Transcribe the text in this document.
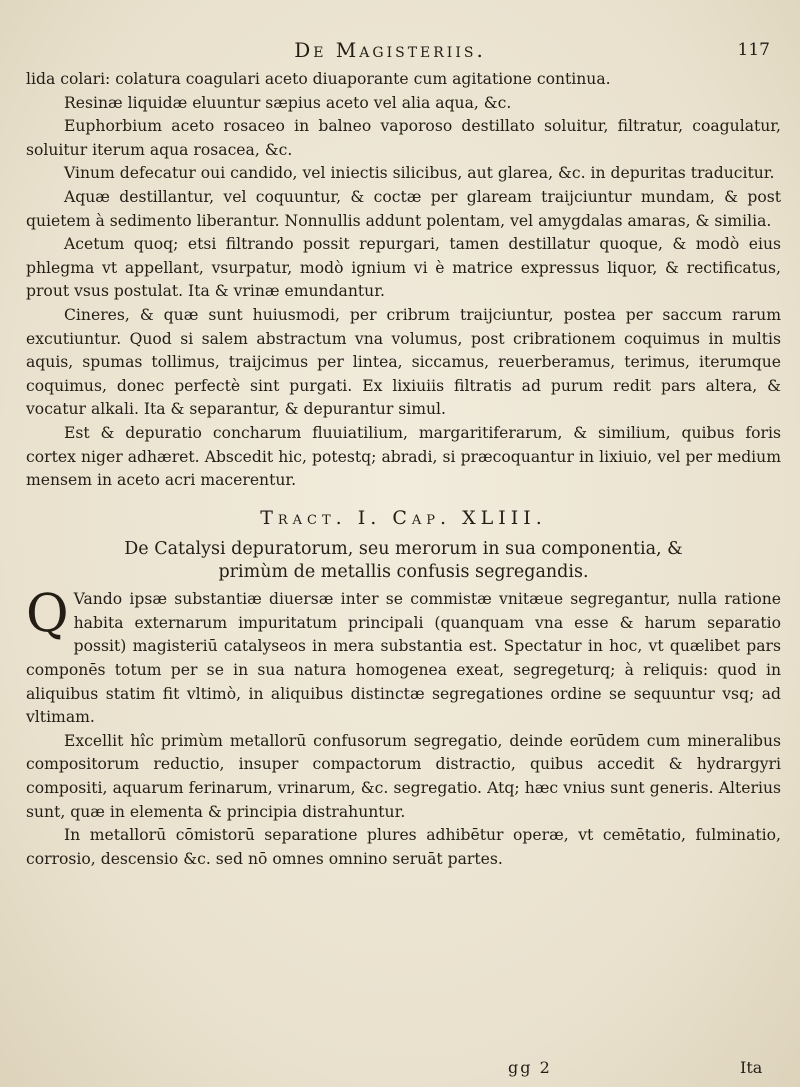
De Magisteriis.	117

lida colari: colatura coagulari aceto diuaporante cum agitatione continua.

Resinæ liquidæ eluuntur sæpius aceto vel alia aqua, &c.

Euphorbium aceto rosaceo in balneo vaporoso destillato soluitur, filtratur, coagulatur, soluitur iterum aqua rosacea, &c.

Vinum defecatur oui candido, vel iniectis silicibus, aut glarea, &c. in depuritas traducitur.

Aquæ destillantur, vel coquuntur, & coctæ per glaream traijciuntur mundam, & post quietem à sedimento liberantur. Nonnullis addunt polentam, vel amygdalas amaras, & similia.

Acetum quoq; etsi filtrando possit repurgari, tamen destillatur quoque, & modò eius phlegma vt appellant, vsurpatur, modò ignium vi è matrice expressus liquor, & rectificatus, prout vsus postulat. Ita & vrinæ emundantur.

Cineres, & quæ sunt huiusmodi, per cribrum traijciuntur, postea per saccum rarum excutiuntur. Quod si salem abstractum vna volumus, post cribrationem coquimus in multis aquis, spumas tollimus, traijcimus per lintea, siccamus, reuerberamus, terimus, iterumque coquimus, donec perfectè sint purgati. Ex lixiuiis filtratis ad purum redit pars altera, & vocatur alkali. Ita & separantur, & depurantur simul.

Est & depuratio concharum fluuiatilium, margaritiferarum, & similium, quibus foris cortex niger adhæret. Abscedit hic, potestq; abradi, si præcoquantur in lixiuio, vel per medium mensem in aceto acri macerentur.

Tract. I. Cap. XLIII.
De Catalysi depuratorum, seu merorum in sua componentia, &
primùm de metallis confusis segregandis.

Q Vando ipsæ substantiæ diuersæ inter se commistæ vnitæue segregantur, nulla ratione habita externarum impuritatum principali (quanquam vna esse & harum separatio possit) magisteriū catalyseos in mera substantia est. Spectatur in hoc, vt quælibet pars componēs totum per se in sua natura homogenea exeat, segregeturq; à reliquis: quod in aliquibus statim fit vltimò, in aliquibus distinctæ segregationes ordine se sequuntur vsq; ad vltimam.

Excellit hîc primùm metallorū confusorum segregatio, deinde eorūdem cum mineralibus compositorum reductio, insuper compactorum distractio, quibus accedit & hydrargyri compositi, aquarum ferinarum, vrinarum, &c. segregatio. Atq; hæc vnius sunt generis. Alterius sunt, quæ in elementa & principia distrahuntur.

In metallorū cōmistorū separatione plures adhibētur operæ, vt cemētatio, fulminatio, corrosio, descensio &c. sed nō omnes omnino seruāt partes.

gg 2	Ita
